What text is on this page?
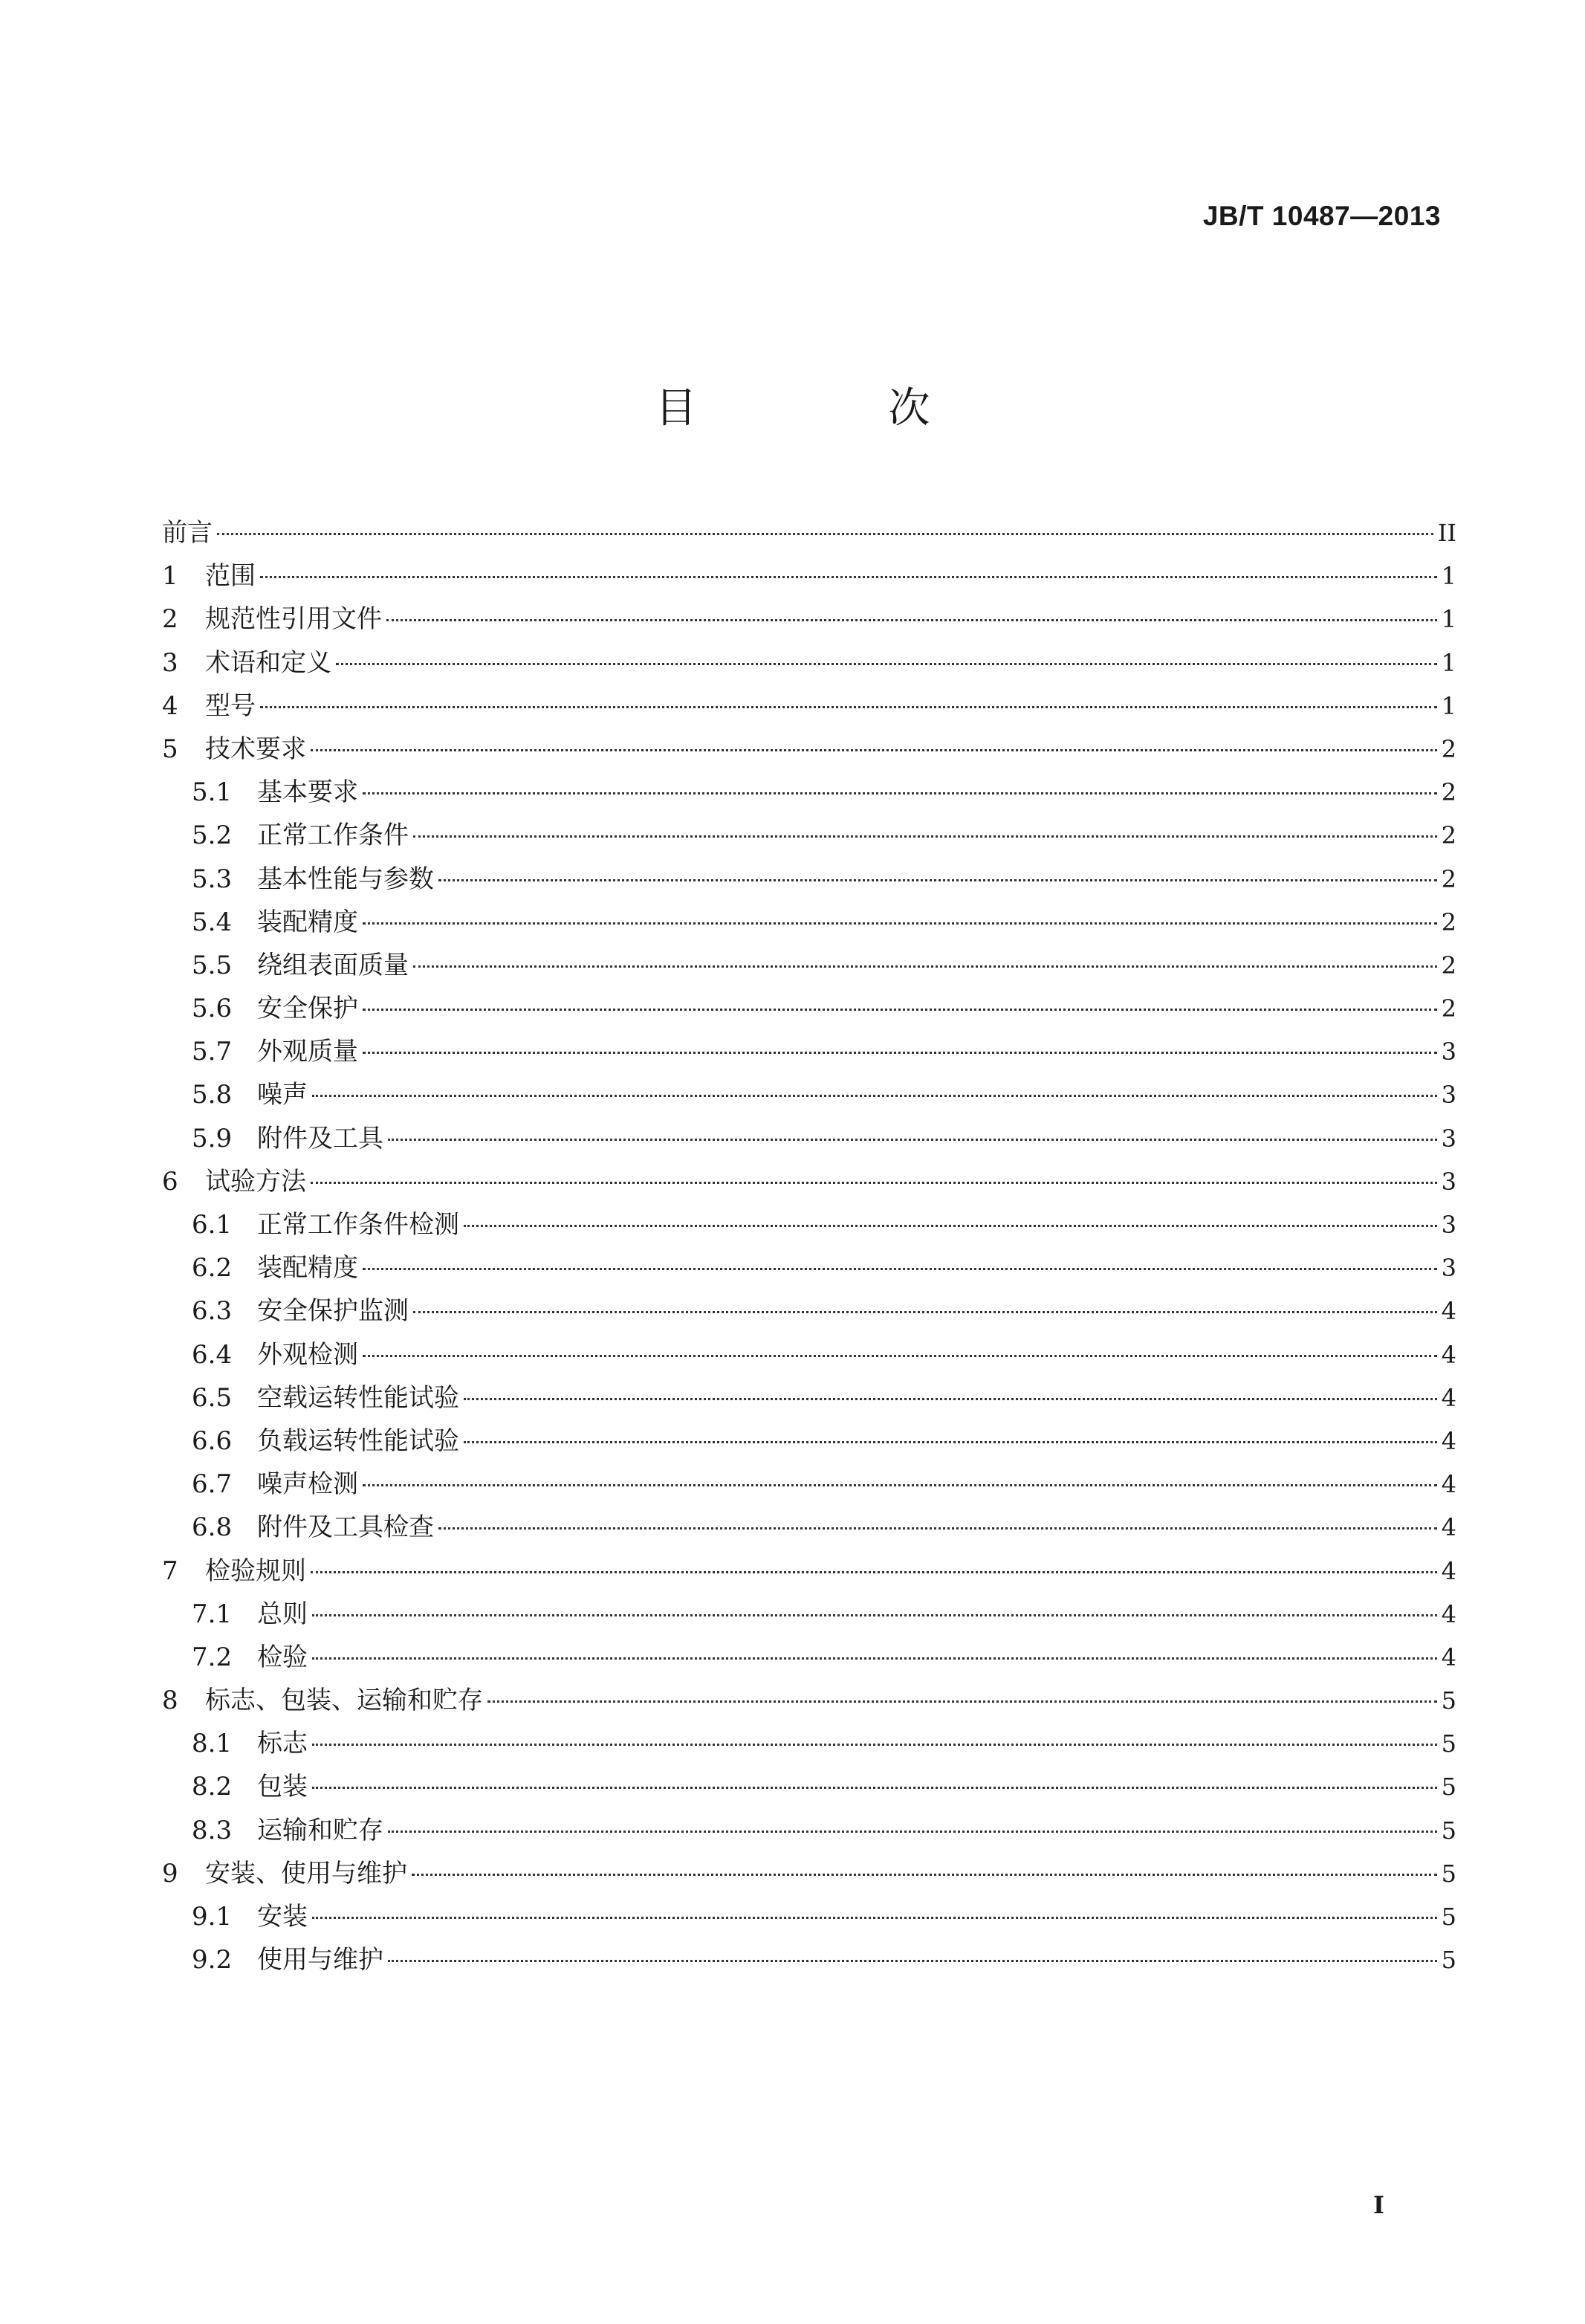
JB/T 10487—2013
目 次
前言	II
1	范围	1
2	规范性引用文件	1
3	术语和定义	1
4	型号	1
5	技术要求	2
5.1 基本要求	2
5.2 正常工作条件	2
5.3 基本性能与参数	2
5.4 装配精度	2
5.5 绕组表面质量	2
5.6 安全保护	2
5.7 外观质量	3
5.8 噪声	3
5.9 附件及工具	3
6	试验方法	3
6.1 正常工作条件检测	3
6.2 装配精度	3
6.3 安全保护监测	4
6.4 外观检测	4
6.5 空载运转性能试验	4
6.6 负载运转性能试验	4
6.7 噪声检测	4
6.8 附件及工具检查	4
7	检验规则	4
7.1 总则	4
7.2 检验	4
8	标志、包装、运输和贮存	5
8.1 标志	5
8.2 包装	5
8.3 运输和贮存	5
9	安装、使用与维护	5
9.1 安装	5
9.2 使用与维护	5
I
